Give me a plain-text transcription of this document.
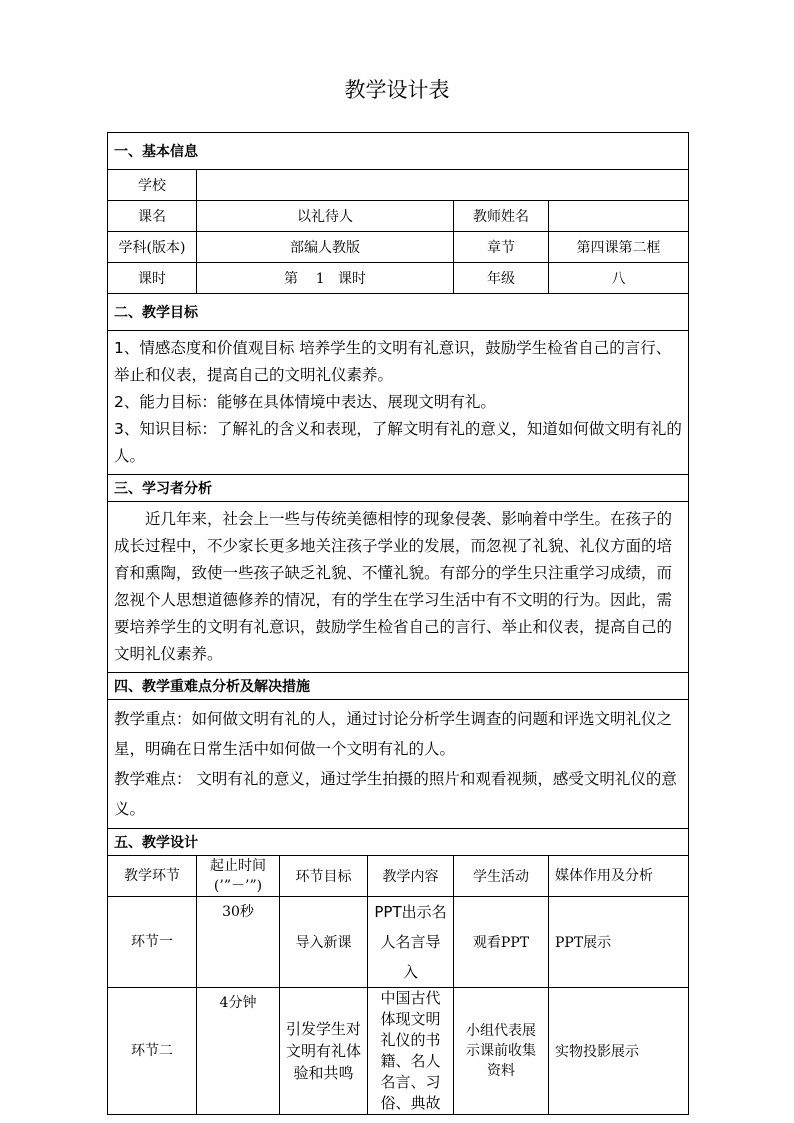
教学设计表
一、基本信息					
学校					
课名	以礼待人			教师姓名	
学科(版本)	部编人教版			章节	第四课第二框
课时	第    1   课时			年级	八
二、教学目标					

1、情感态度和价值观目标 培养学生的文明有礼意识，鼓励学生检省自己的言行、举止和仪表，提高自己的文明礼仪素养。

2、能力目标：能够在具体情境中表达、展现文明有礼。

3、知识目标：了解礼的含义和表现，了解文明有礼的意义，知道如何做文明有礼的人。					

三、学习者分析					

近几年来，社会上一些与传统美德相悖的现象侵袭、影响着中学生。在孩子的成长过程中，不少家长更多地关注孩子学业的发展，而忽视了礼貌、礼仪方面的培育和熏陶，致使一些孩子缺乏礼貌、不懂礼貌。有部分的学生只注重学习成绩，而忽视个人思想道德修养的情况，有的学生在学习生活中有不文明的行为。因此，需要培养学生的文明有礼意识，鼓励学生检省自己的言行、举止和仪表，提高自己的文明礼仪素养。					

四、教学重难点分析及解决措施					

教学重点：如何做文明有礼的人，通过讨论分析学生调查的问题和评选文明礼仪之星，明确在日常生活中如何做一个文明有礼的人。

教学难点： 文明有礼的意义，通过学生拍摄的照片和观看视频，感受文明礼仪的意义。					

五、教学设计					
教学环节	起止时间(’”－’”)	环节目标	教学内容	学生活动	媒体作用及分析
环节一	30秒	导入新课	PPT出示名人名言导入	观看PPT	PPT展示
环节二	4分钟	引发学生对文明有礼体验和共鸣	中国古代体现文明礼仪的书籍、名人名言、习俗、典故	小组代表展示课前收集资料	实物投影展示
